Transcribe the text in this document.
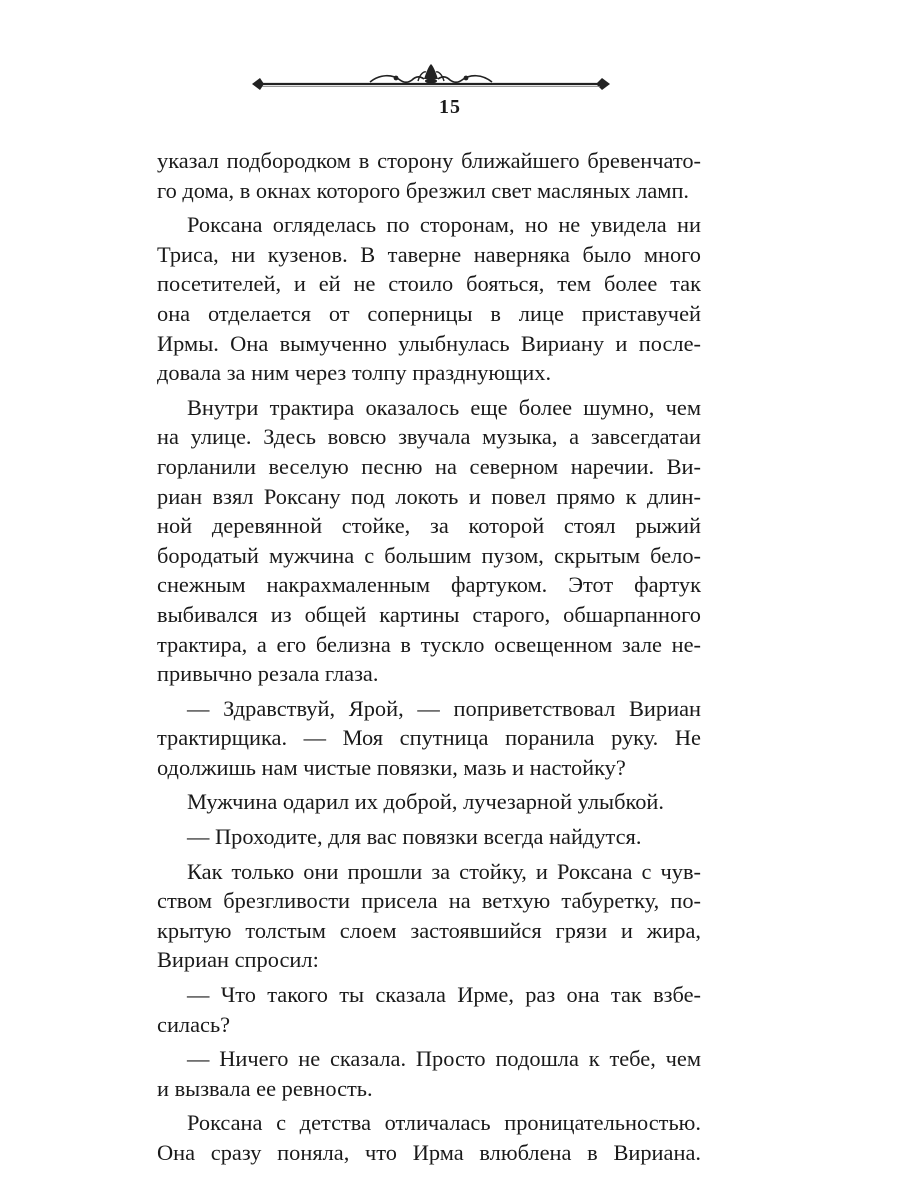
15
указал подбородком в сторону ближайшего бревенчато-
го дома, в окнах которого брезжил свет масляных ламп.
Роксана огляделась по сторонам, но не увидела ни
Триса, ни кузенов. В таверне наверняка было много
посетителей, и ей не стоило бояться, тем более так
она отделается от соперницы в лице приставучей
Ирмы. Она вымученно улыбнулась Вириану и после-
довала за ним через толпу празднующих.
Внутри трактира оказалось еще более шумно, чем
на улице. Здесь вовсю звучала музыка, а завсегдатаи
горланили веселую песню на северном наречии. Ви-
риан взял Роксану под локоть и повел прямо к длин-
ной деревянной стойке, за которой стоял рыжий
бородатый мужчина с большим пузом, скрытым бело-
снежным накрахмаленным фартуком. Этот фартук
выбивался из общей картины старого, обшарпанного
трактира, а его белизна в тускло освещенном зале не-
привычно резала глаза.
— Здравствуй, Ярой, — поприветствовал Вириан
трактирщика. — Моя спутница поранила руку. Не
одолжишь нам чистые повязки, мазь и настойку?
Мужчина одарил их доброй, лучезарной улыбкой.
— Проходите, для вас повязки всегда найдутся.
Как только они прошли за стойку, и Роксана с чув-
ством брезгливости присела на ветхую табуретку, по-
крытую толстым слоем застоявшийся грязи и жира,
Вириан спросил:
— Что такого ты сказала Ирме, раз она так взбе-
силась?
— Ничего не сказала. Просто подошла к тебе, чем
и вызвала ее ревность.
Роксана с детства отличалась проницательностью.
Она сразу поняла, что Ирма влюблена в Вириана.
